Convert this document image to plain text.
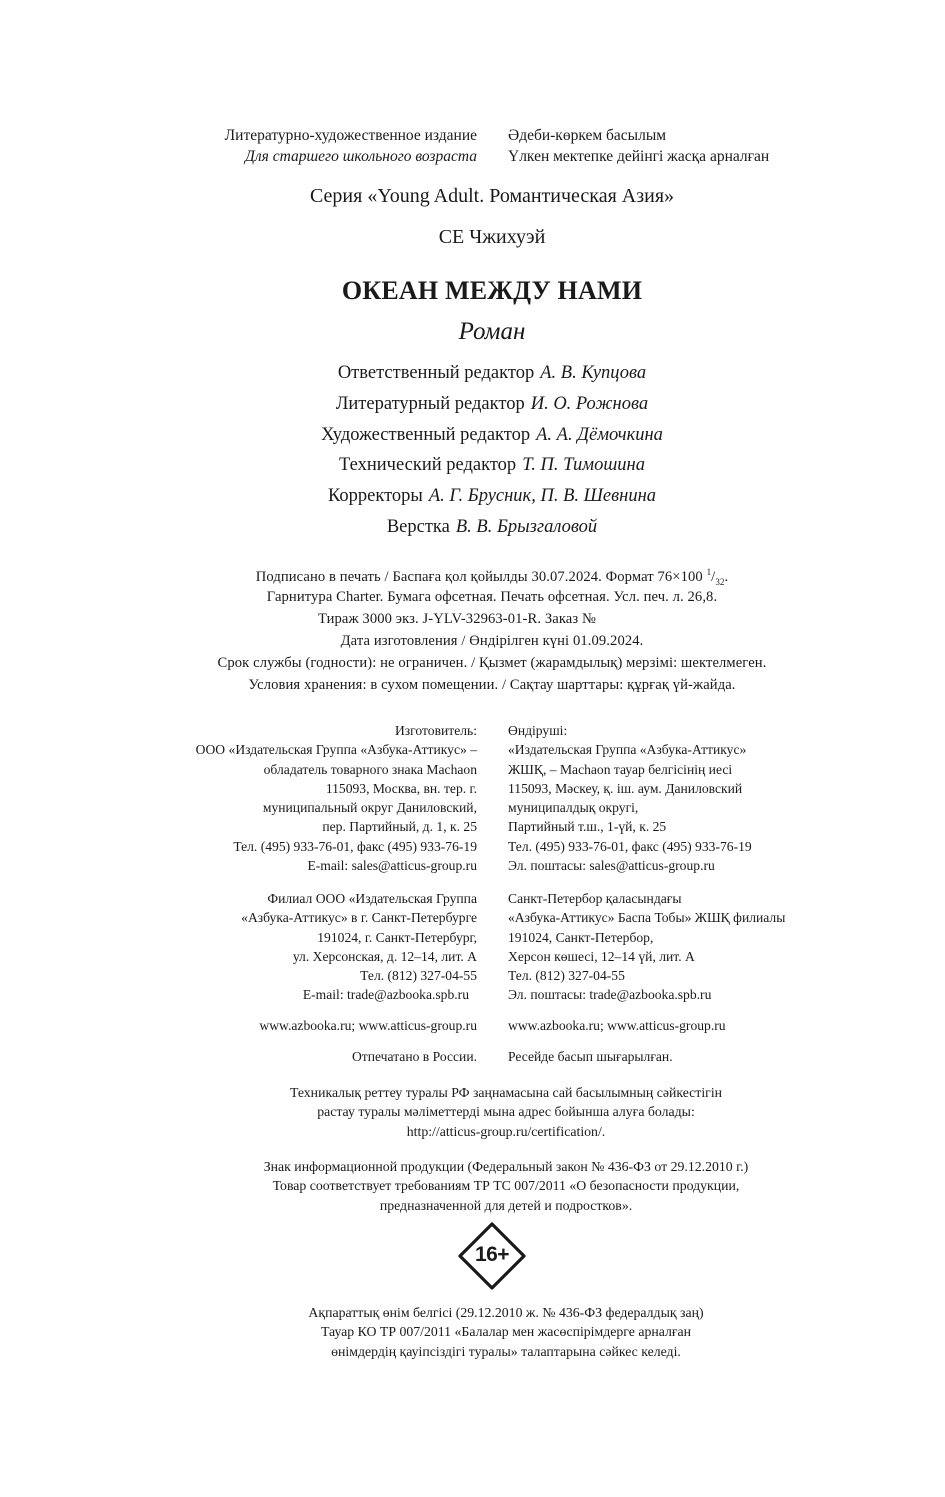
Литературно-художественное издание
Для старшего школьного возраста
Әдеби-көркем басылым
Үлкен мектепке дейінгі жасқа арналған
Серия «Young Adult. Романтическая Азия»
СЕ Чжихуэй
ОКЕАН МЕЖДУ НАМИ
Роман
Ответственный редактор А. В. Купцова
Литературный редактор И. О. Рожнова
Художественный редактор А. А. Дёмочкина
Технический редактор Т. П. Тимошина
Корректоры А. Г. Брусник, П. В. Шевнина
Верстка В. В. Брызгаловой
Подписано в печать / Баспаға қол қойылды 30.07.2024. Формат 76×100 $^1/_{32}$.
Гарнитура Charter. Бумага офсетная. Печать офсетная. Усл. печ. л. 26,8.
Тираж 3000 экз. J-YLV-32963-01-R. Заказ №
Дата изготовления / Өндірілген күні 01.09.2024.
Срок службы (годности): не ограничен. / Қызмет (жарамдылық) мерзімі: шектелмеген.
Условия хранения: в сухом помещении. / Сақтау шарттары: құрғақ үй-жайда.
Изготовитель:
ООО «Издательская Группа «Азбука-Аттикус» –
обладатель товарного знака Machaon
115093, Москва, вн. тер. г.
муниципальный округ Даниловский,
пер. Партийный, д. 1, к. 25
Тел. (495) 933-76-01, факс (495) 933-76-19
E-mail: sales@atticus-group.ru
Өндіруші:
«Издательская Группа «Азбука-Аттикус»
ЖШҚ, – Machaon тауар белгісінің иесі
115093, Мәскеу, қ. іш. аум. Даниловский
муниципалдық округі,
Партийный т.ш., 1-үй, к. 25
Тел. (495) 933-76-01, факс (495) 933-76-19
Эл. поштасы: sales@atticus-group.ru
Филиал ООО «Издательская Группа
«Азбука-Аттикус» в г. Санкт-Петербурге
191024, г. Санкт-Петербург,
ул. Херсонская, д. 12–14, лит. А
Тел. (812) 327-04-55
E-mail: trade@azbooka.spb.ru
Санкт-Петербор қаласындағы
«Азбука-Аттикус» Баспа Тобы» ЖШҚ филиалы
191024, Санкт-Петербор,
Херсон көшесі, 12–14 үй, лит. А
Тел. (812) 327-04-55
Эл. поштасы: trade@azbooka.spb.ru
www.azbooka.ru; www.atticus-group.ru www.azbooka.ru; www.atticus-group.ru
Отпечатано в России. Ресейде басып шығарылған.
Техникалық реттеу туралы РФ заңнамасына сай басылымның сәйкестігін
растау туралы мәліметтерді мына адрес бойынша алуға болады:
http://atticus-group.ru/certification/.
Знак информационной продукции (Федеральный закон № 436-ФЗ от 29.12.2010 г.)
Товар соответствует требованиям ТР ТС 007/2011 «О безопасности продукции,
предназначенной для детей и подростков».
16+
Ақпараттық өнім белгісі (29.12.2010 ж. № 436-ФЗ федералдық заң)
Тауар КО ТР 007/2011 «Балалар мен жасөспірімдерге арналған
өнімдердің қауіпсіздігі туралы» талаптарына сәйкес келеді.
